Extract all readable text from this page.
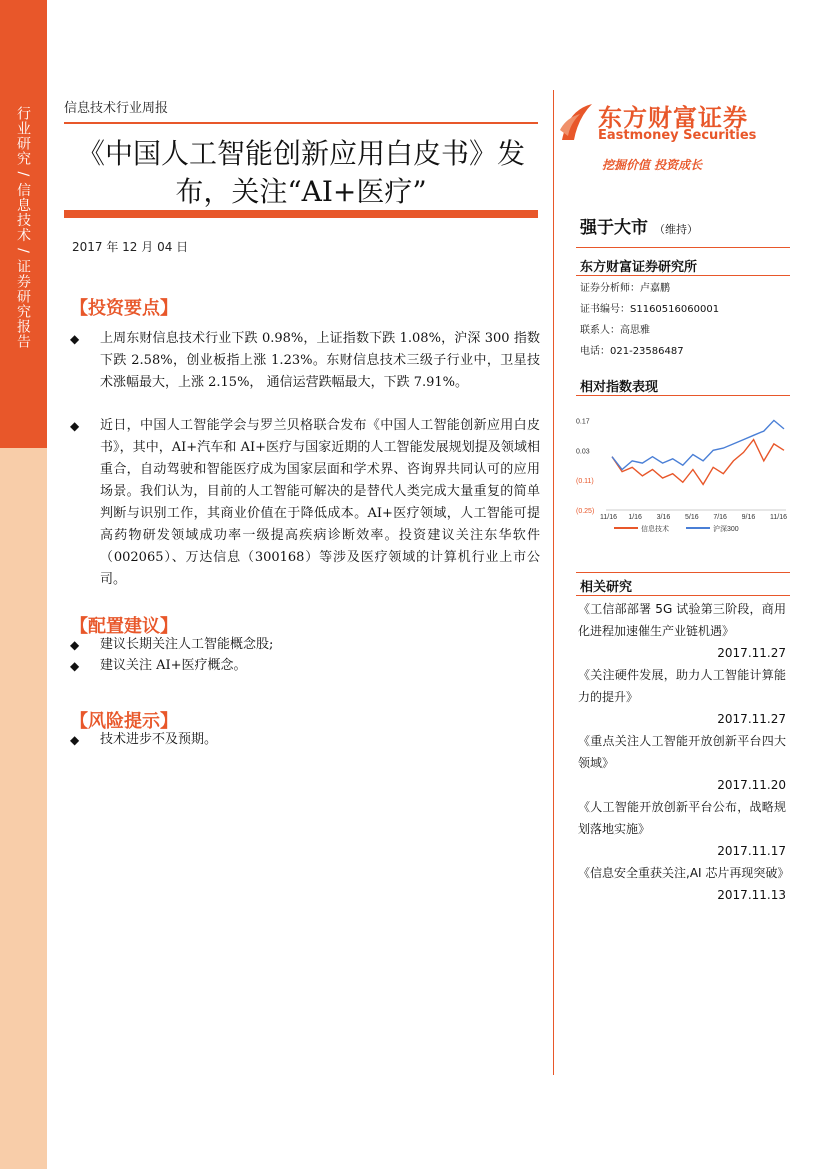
行业研究 / 信息技术 / 证券研究报告	信息技术行业周报
《中国人工智能创新应用白皮书》发布，关注“AI+医疗”
2017 年 12 月 04 日
【投资要点】
◆	上周东财信息技术行业下跌 0.98%，上证指数下跌 1.08%，沪深 300 指数下跌 2.58%，创业板指上涨 1.23%。东财信息技术三级子行业中，卫星技术涨幅最大，上涨 2.15%， 通信运营跌幅最大，下跌 7.91%。
◆	近日，中国人工智能学会与罗兰贝格联合发布《中国人工智能创新应用白皮书》，其中，AI+汽车和 AI+医疗与国家近期的人工智能发展规划提及领域相重合，自动驾驶和智能医疗成为国家层面和学术界、咨询界共同认可的应用场景。我们认为，目前的人工智能可解决的是替代人类完成大量重复的简单判断与识别工作，其商业价值在于降低成本。AI+医疗领域，人工智能可提高药物研发领域成功率一级提高疾病诊断效率。投资建议关注东华软件（002065）、万达信息（300168）等涉及医疗领域的计算机行业上市公司。
【配置建议】
◆	建议长期关注人工智能概念股;
◆	建议关注 AI+医疗概念。
【风险提示】
◆	技术进步不及预期。
东方财富证券
Eastmoney Securities
挖掘价值 投资成长
强于大市 （维持）
东方财富证券研究所
证券分析师：卢嘉鹏
证书编号：S1160516060001
联系人：高思雅
电话：021-23586487
相对指数表现
0.17
0.03
(0.11)
(0.25)
11/16 1/16 3/16 5/16 7/16 9/16 11/16
信息技术	沪深300
相关研究
《工信部部署 5G 试验第三阶段，商用化进程加速催生产业链机遇》
2017.11.27
《关注硬件发展，助力人工智能计算能力的提升》
2017.11.27
《重点关注人工智能开放创新平台四大领域》
2017.11.20
《人工智能开放创新平台公布，战略规划落地实施》
2017.11.17
《信息安全重获关注,AI 芯片再现突破》
2017.11.13
